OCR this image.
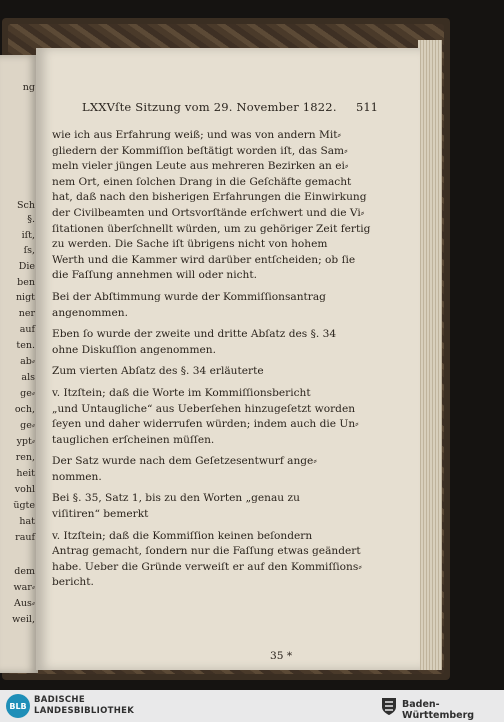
ng
Sch
§.
iſt,
ſs,
Die
ben
nigt
ner
auf
ten.
ab⸗
als
ge⸗
och,
ge⸗
ypt⸗
ren,
heit
vohl
ügte
hat
rauf
dem
war⸗
Aus⸗
weil,
LXXVſte Sitzung vom 29. November 1822.	511
wie ich aus Erfahrung weiß; und was von andern Mit⸗
gliedern der Kommiſſion beſtätigt worden iſt, das Sam⸗
meln vieler jüngen Leute aus mehreren Bezirken an ei⸗
nem Ort, einen ſolchen Drang in die Geſchäfte gemacht
hat, daß nach den bisherigen Erfahrungen die Einwirkung
der Civilbeamten und Ortsvorſtände erſchwert und die Vi⸗
ſitationen überſchnellt würden, um zu gehöriger Zeit fertig
zu werden. Die Sache iſt übrigens nicht von hohem
Werth und die Kammer wird darüber entſcheiden; ob ſie
die Faſſung annehmen will oder nicht.
Bei der Abſtimmung wurde der Kommiſſionsantrag
angenommen.
Eben ſo wurde der zweite und dritte Abſatz des §. 34
ohne Diskuſſion angenommen.
Zum vierten Abſatz des §. 34 erläuterte
v. Itzſtein; daß die Worte im Kommiſſionsbericht
„und Untaugliche“ aus Ueberſehen hinzugeſetzt worden
ſeyen und daher widerrufen würden; indem auch die Un⸗
tauglichen erſcheinen müſſen.
Der Satz wurde nach dem Geſetzesentwurf ange⸗
nommen.
Bei §. 35, Satz 1, bis zu den Worten „genau zu
viſitiren“ bemerkt
v. Itzſtein; daß die Kommiſſion keinen beſondern
Antrag gemacht, ſondern nur die Faſſung etwas geändert
habe. Ueber die Gründe verweiſt er auf den Kommiſſions⸗
bericht.
35 *
BLB
BADISCHE
LANDESBIBLIOTHEK
Baden-Württemberg
